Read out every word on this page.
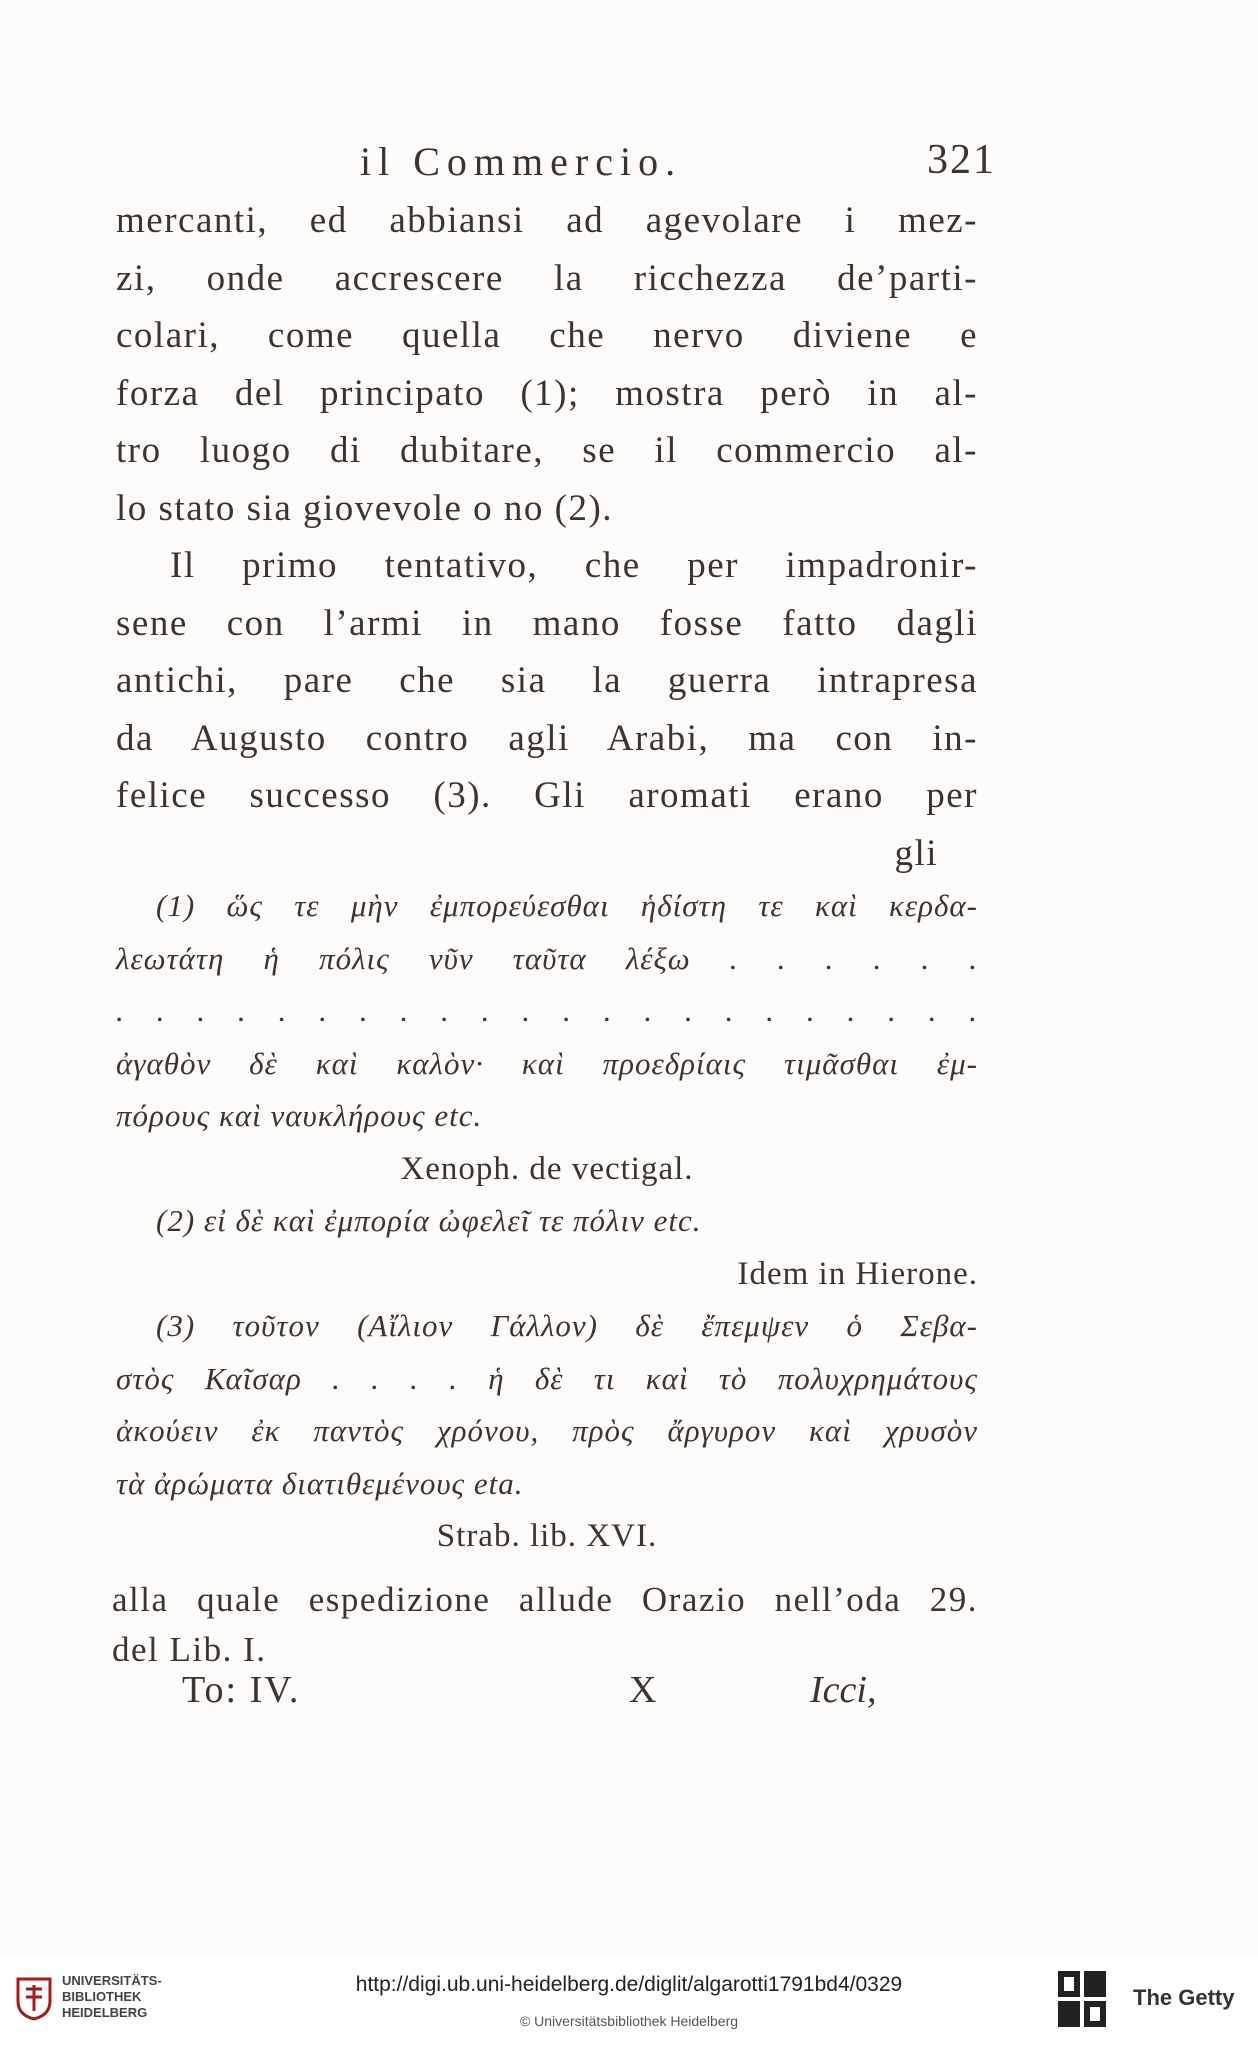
il Commercio.	321
mercanti, ed abbiansi ad agevolare i mez-
zi, onde accrescere la ricchezza de’parti-
colari, come quella che nervo diviene e
forza del principato (1); mostra però in al-
tro luogo di dubitare, se il commercio al-
lo stato sia giovevole o no (2).
Il primo tentativo, che per impadronir-
sene con l’armi in mano fosse fatto dagli
antichi, pare che sia la guerra intrapresa
da Augusto contro agli Arabi, ma con in-
felice successo (3). Gli aromati erano per
gli
(1) ὥς τε μὴν ἐμπορεύεσθαι ἡδίστη τε καὶ κερδα-
λεωτάτη ἡ πόλις νῦν ταῦτα λέξω . . . . . .
. . . . . . . . . . . . . . . . . . . . . .
ἀγαθὸν δὲ καὶ καλὸν· καὶ προεδρίαις τιμᾶσθαι ἐμ-
πόρους καὶ ναυκλήρους etc.
Xenoph. de vectigal.
(2) εἰ δὲ καὶ ἐμπορία ὠφελεῖ τε πόλιν etc.
Idem in Hierone.
(3) τοῦτον (Αἴλιον Γάλλον) δὲ ἔπεμψεν ὁ Σεβα-
στὸς Καῖσαρ . . . . ἡ δὲ τι καὶ τὸ πολυχρημάτους
ἀκούειν ἐκ παντὸς χρόνου, πρὸς ἄργυρον καὶ χρυσὸν
τὰ ἀρώματα διατιθεμένους eta.
Strab. lib. XVI.
alla quale espedizione allude Orazio nell’oda 29.
del Lib. I.
To: IV.	X	Icci,
UNIVERSITÄTS-
BIBLIOTHEK
HEIDELBERG
http://digi.ub.uni-heidelberg.de/diglit/algarotti1791bd4/0329
© Universitätsbibliothek Heidelberg
The Getty
